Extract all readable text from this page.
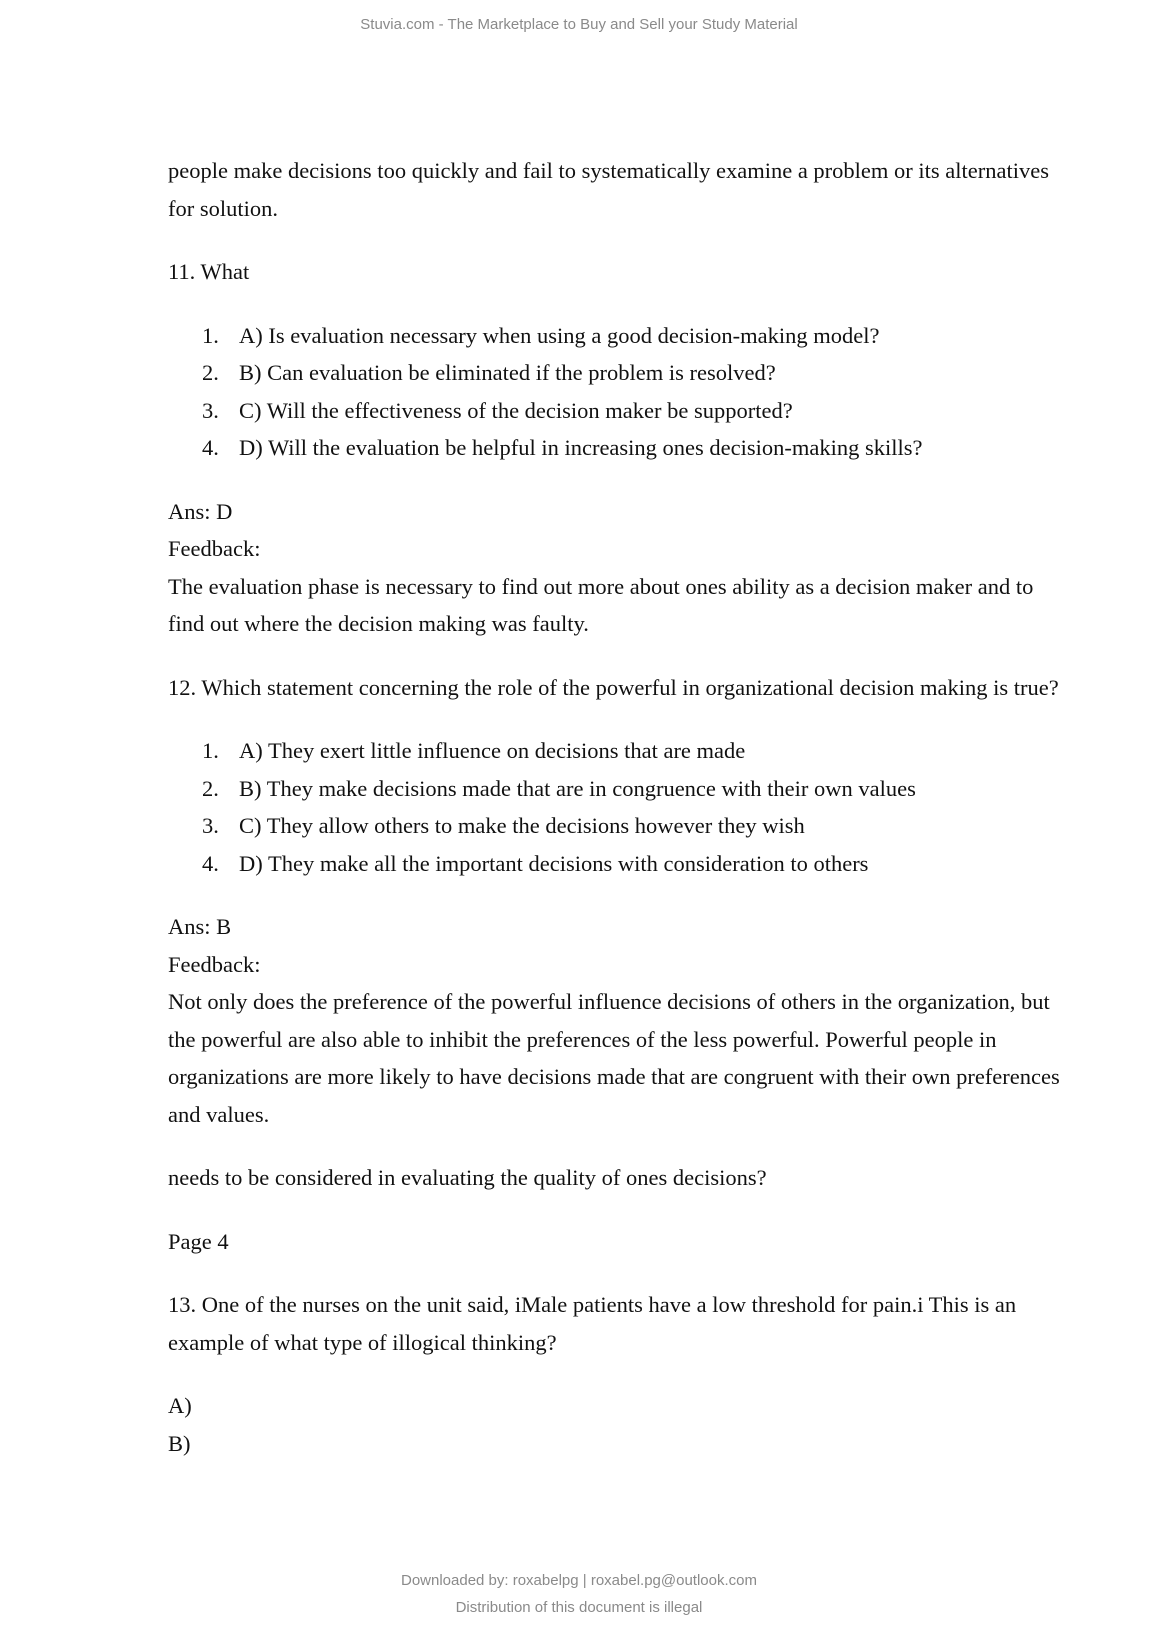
Stuvia.com - The Marketplace to Buy and Sell your Study Material

people make decisions too quickly and fail to systematically examine a problem or its alternatives for solution.

11. What

1. A) Is evaluation necessary when using a good decision-making model?
2. B) Can evaluation be eliminated if the problem is resolved?
3. C) Will the effectiveness of the decision maker be supported?
4. D) Will the evaluation be helpful in increasing ones decision-making skills?

Ans: D

Feedback:

The evaluation phase is necessary to find out more about ones ability as a decision maker and to find out where the decision making was faulty.

12. Which statement concerning the role of the powerful in organizational decision making is true?

1. A) They exert little influence on decisions that are made
2. B) They make decisions made that are in congruence with their own values
3. C) They allow others to make the decisions however they wish
4. D) They make all the important decisions with consideration to others

Ans: B

Feedback:

Not only does the preference of the powerful influence decisions of others in the organization, but the powerful are also able to inhibit the preferences of the less powerful. Powerful people in organizations are more likely to have decisions made that are congruent with their own preferences and values.

needs to be considered in evaluating the quality of ones decisions?

Page 4

13. One of the nurses on the unit said, iMale patients have a low threshold for pain.i This is an example of what type of illogical thinking?

A)

B)

Downloaded by: roxabelpg | roxabel.pg@outlook.com
Distribution of this document is illegal
